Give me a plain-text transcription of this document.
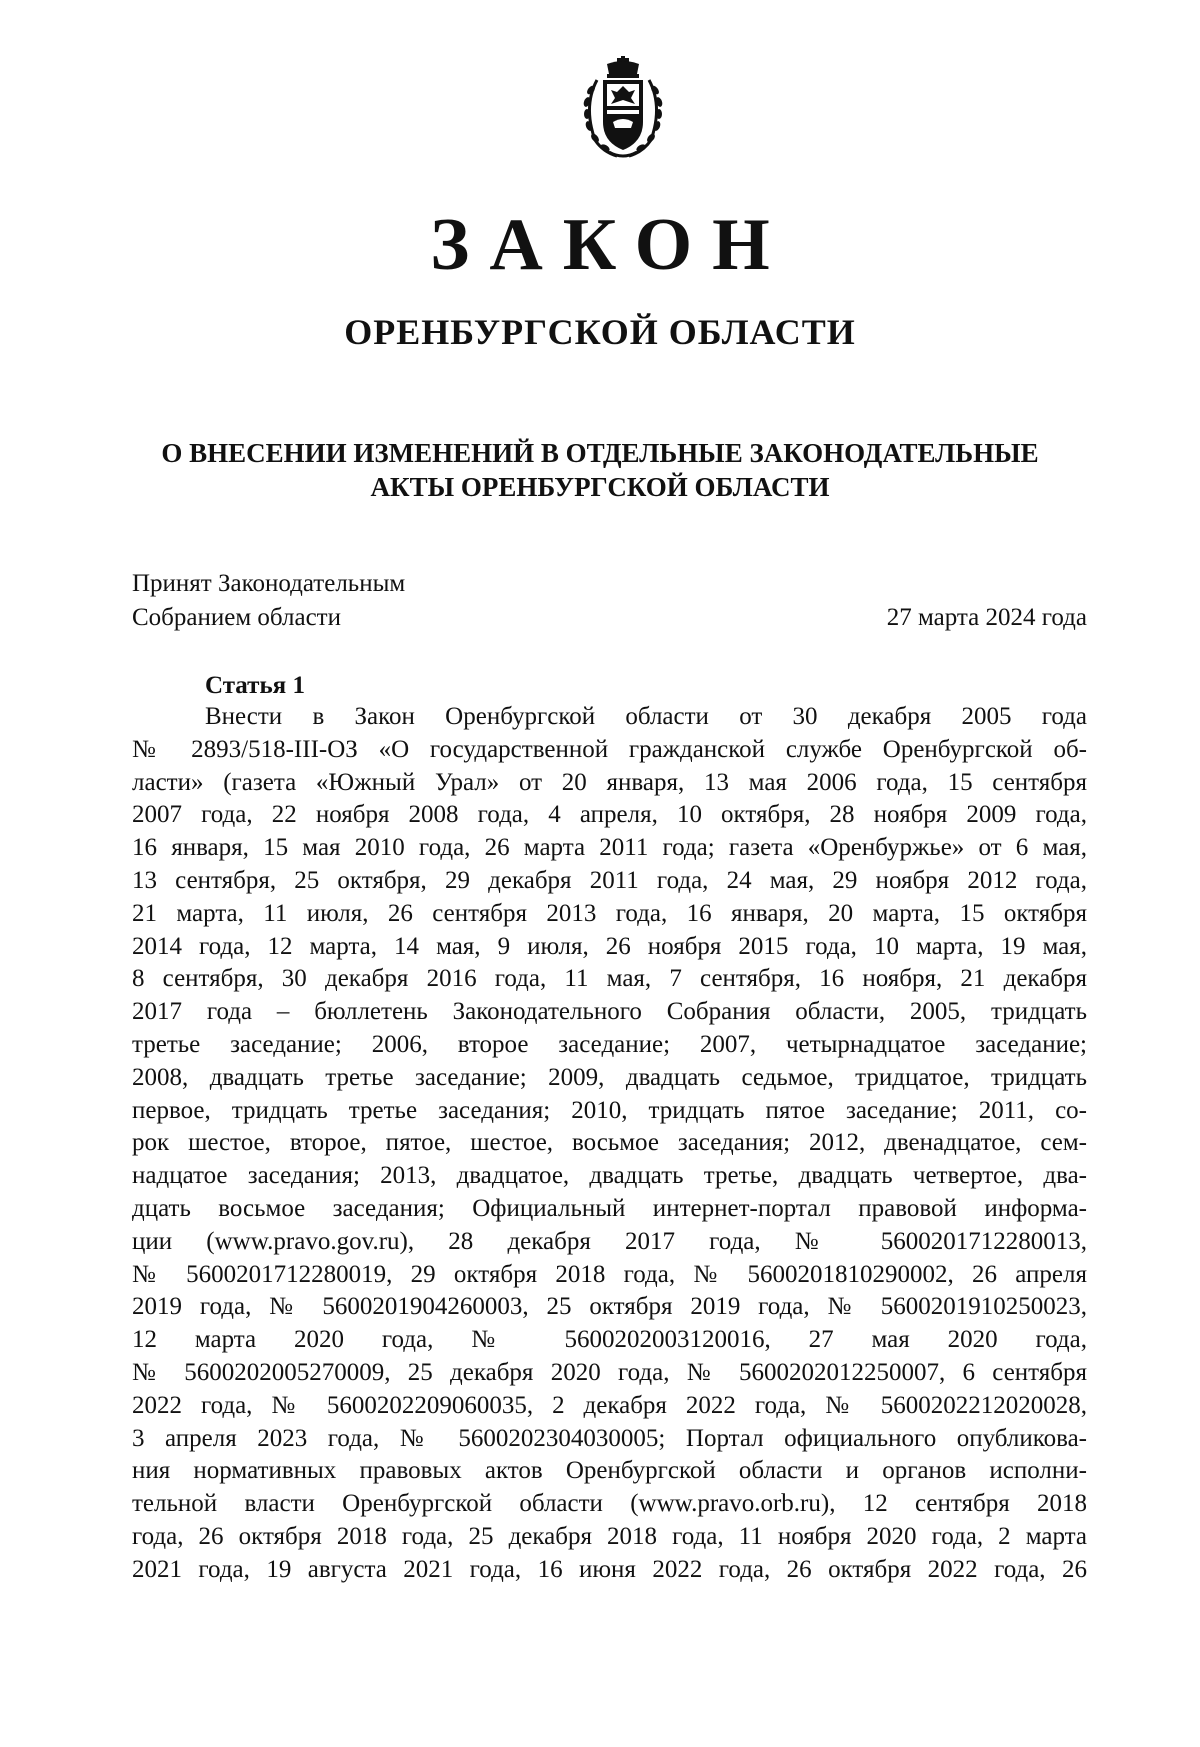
ЗАКОН
ОРЕНБУРГСКОЙ ОБЛАСТИ
О ВНЕСЕНИИ ИЗМЕНЕНИЙ В ОТДЕЛЬНЫЕ ЗАКОНОДАТЕЛЬНЫЕ
АКТЫ ОРЕНБУРГСКОЙ ОБЛАСТИ
Принят Законодательным
Собранием области	27 марта 2024 года
Статья 1
Внести в Закон Оренбургской области от 30 декабря 2005 года
№ 2893/518-III-ОЗ «О государственной гражданской службе Оренбургской об-
ласти» (газета «Южный Урал» от 20 января, 13 мая 2006 года, 15 сентября
2007 года, 22 ноября 2008 года, 4 апреля, 10 октября, 28 ноября 2009 года,
16 января, 15 мая 2010 года, 26 марта 2011 года; газета «Оренбуржье» от 6 мая,
13 сентября, 25 октября, 29 декабря 2011 года, 24 мая, 29 ноября 2012 года,
21 марта, 11 июля, 26 сентября 2013 года, 16 января, 20 марта, 15 октября
2014 года, 12 марта, 14 мая, 9 июля, 26 ноября 2015 года, 10 марта, 19 мая,
8 сентября, 30 декабря 2016 года, 11 мая, 7 сентября, 16 ноября, 21 декабря
2017 года – бюллетень Законодательного Собрания области, 2005, тридцать
третье заседание; 2006, второе заседание; 2007, четырнадцатое заседание;
2008, двадцать третье заседание; 2009, двадцать седьмое, тридцатое, тридцать
первое, тридцать третье заседания; 2010, тридцать пятое заседание; 2011, со-
рок шестое, второе, пятое, шестое, восьмое заседания; 2012, двенадцатое, сем-
надцатое заседания; 2013, двадцатое, двадцать третье, двадцать четвертое, два-
дцать восьмое заседания; Официальный интернет-портал правовой информа-
ции (www.pravo.gov.ru), 28 декабря 2017 года, № 5600201712280013,
№ 5600201712280019, 29 октября 2018 года, № 5600201810290002, 26 апреля
2019 года, № 5600201904260003, 25 октября 2019 года, № 5600201910250023,
12 марта 2020 года, № 5600202003120016, 27 мая 2020 года,
№ 5600202005270009, 25 декабря 2020 года, № 5600202012250007, 6 сентября
2022 года, № 5600202209060035, 2 декабря 2022 года, № 5600202212020028,
3 апреля 2023 года, № 5600202304030005; Портал официального опубликова-
ния нормативных правовых актов Оренбургской области и органов исполни-
тельной власти Оренбургской области (www.pravo.orb.ru), 12 сентября 2018
года, 26 октября 2018 года, 25 декабря 2018 года, 11 ноября 2020 года, 2 марта
2021 года, 19 августа 2021 года, 16 июня 2022 года, 26 октября 2022 года, 26
